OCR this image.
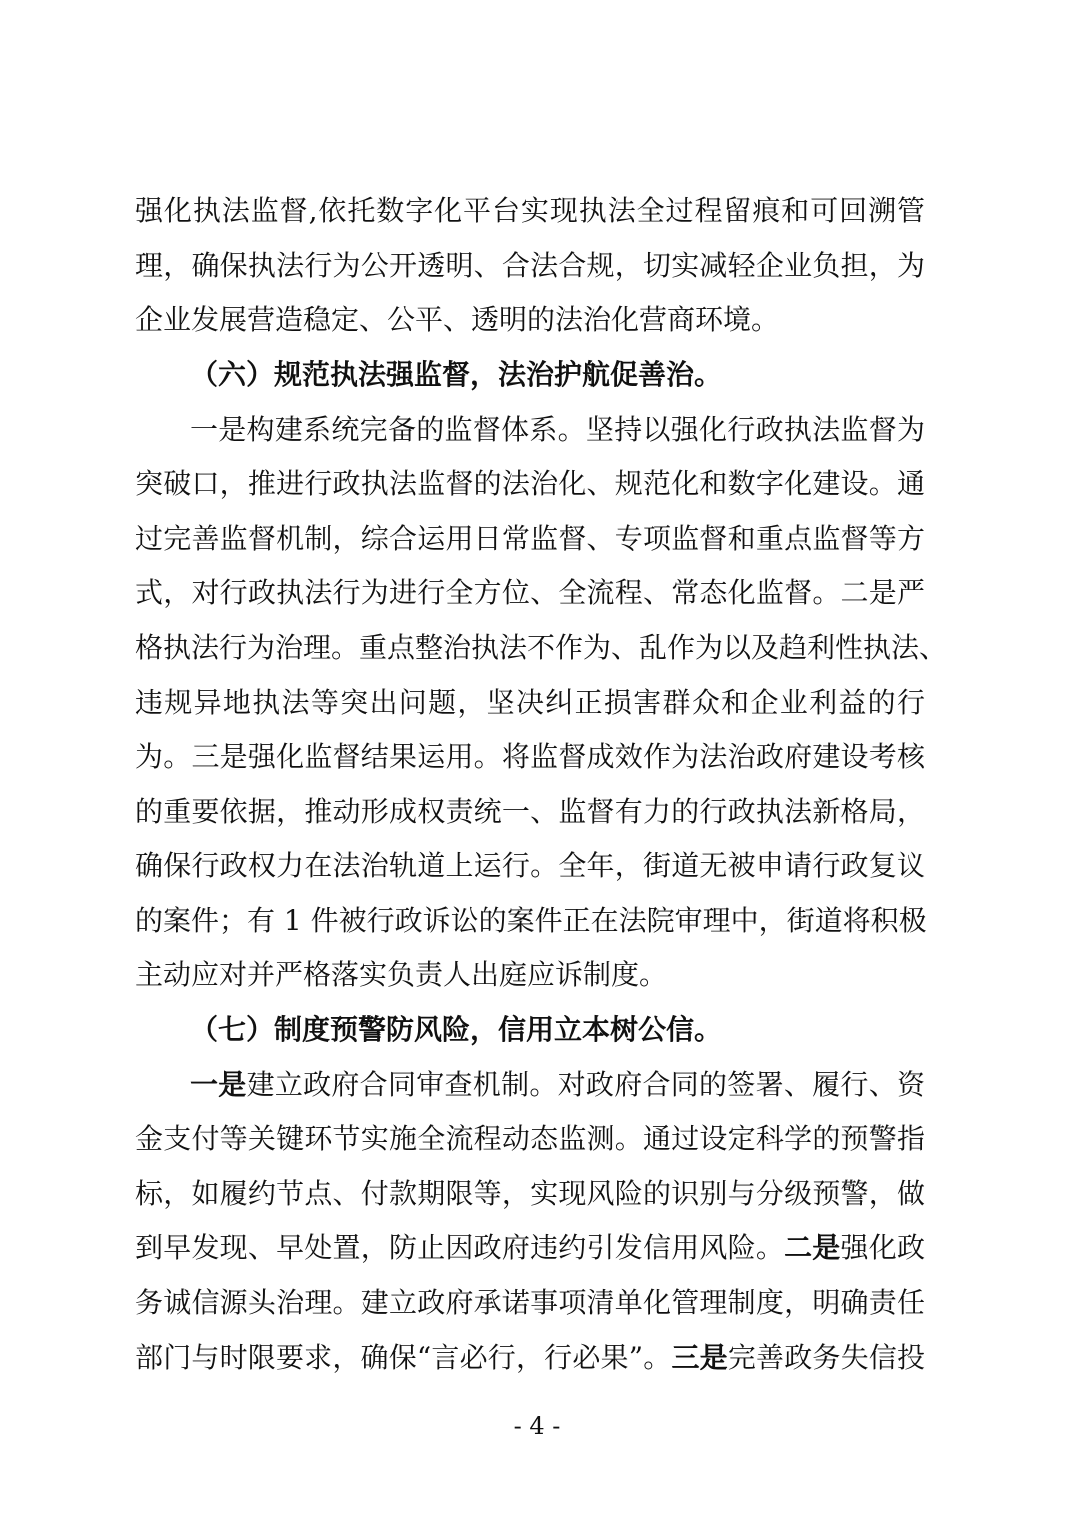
强化执法监督,依托数字化平台实现执法全过程留痕和可回溯管
理，确保执法行为公开透明、合法合规，切实减轻企业负担，为
企业发展营造稳定、公平、透明的法治化营商环境。
（六）规范执法强监督，法治护航促善治。
一是构建系统完备的监督体系。坚持以强化行政执法监督为
突破口，推进行政执法监督的法治化、规范化和数字化建设。通
过完善监督机制，综合运用日常监督、专项监督和重点监督等方
式，对行政执法行为进行全方位、全流程、常态化监督。二是严
格执法行为治理。重点整治执法不作为、乱作为以及趋利性执法、
违规异地执法等突出问题，坚决纠正损害群众和企业利益的行
为。三是强化监督结果运用。将监督成效作为法治政府建设考核
的重要依据，推动形成权责统一、监督有力的行政执法新格局，
确保行政权力在法治轨道上运行。全年，街道无被申请行政复议
的案件；有 1 件被行政诉讼的案件正在法院审理中，街道将积极
主动应对并严格落实负责人出庭应诉制度。
（七）制度预警防风险，信用立本树公信。
一是建立政府合同审查机制。对政府合同的签署、履行、资
金支付等关键环节实施全流程动态监测。通过设定科学的预警指
标，如履约节点、付款期限等，实现风险的识别与分级预警，做
到早发现、早处置，防止因政府违约引发信用风险。二是强化政
务诚信源头治理。建立政府承诺事项清单化管理制度，明确责任
部门与时限要求，确保“言必行，行必果”。三是完善政务失信投
- 4 -
